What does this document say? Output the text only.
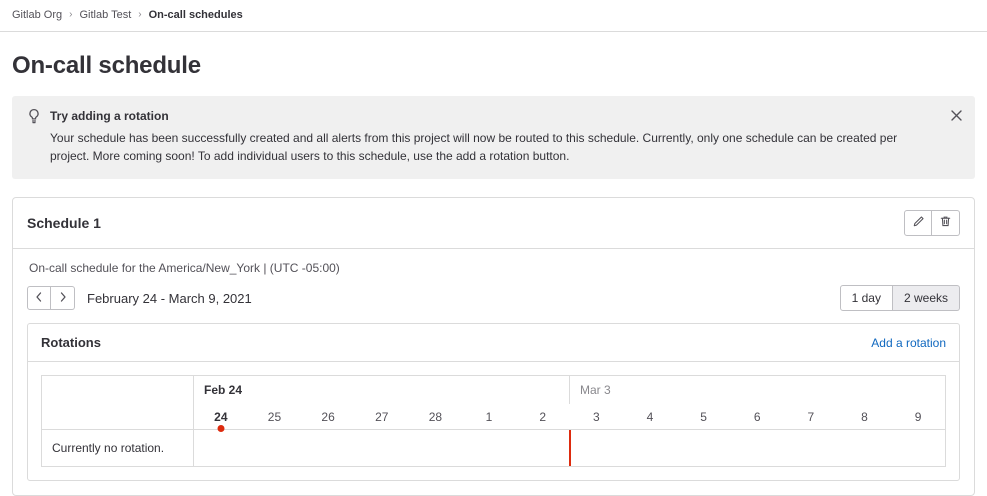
Gitlab Org › Gitlab Test › On-call schedules
On-call schedule
Try adding a rotation
Your schedule has been successfully created and all alerts from this project will now be routed to this schedule. Currently, only one schedule can be created per project. More coming soon! To add individual users to this schedule, use the add a rotation button.
Schedule 1
On-call schedule for the America/New_York | (UTC -05:00)
February 24 - March 9, 2021	1 day	2 weeks
Rotations	Add a rotation
Currently no rotation.
Feb 24	Mar 3
24	25	26	27	28	1	2	3	4	5	6	7	8	9
